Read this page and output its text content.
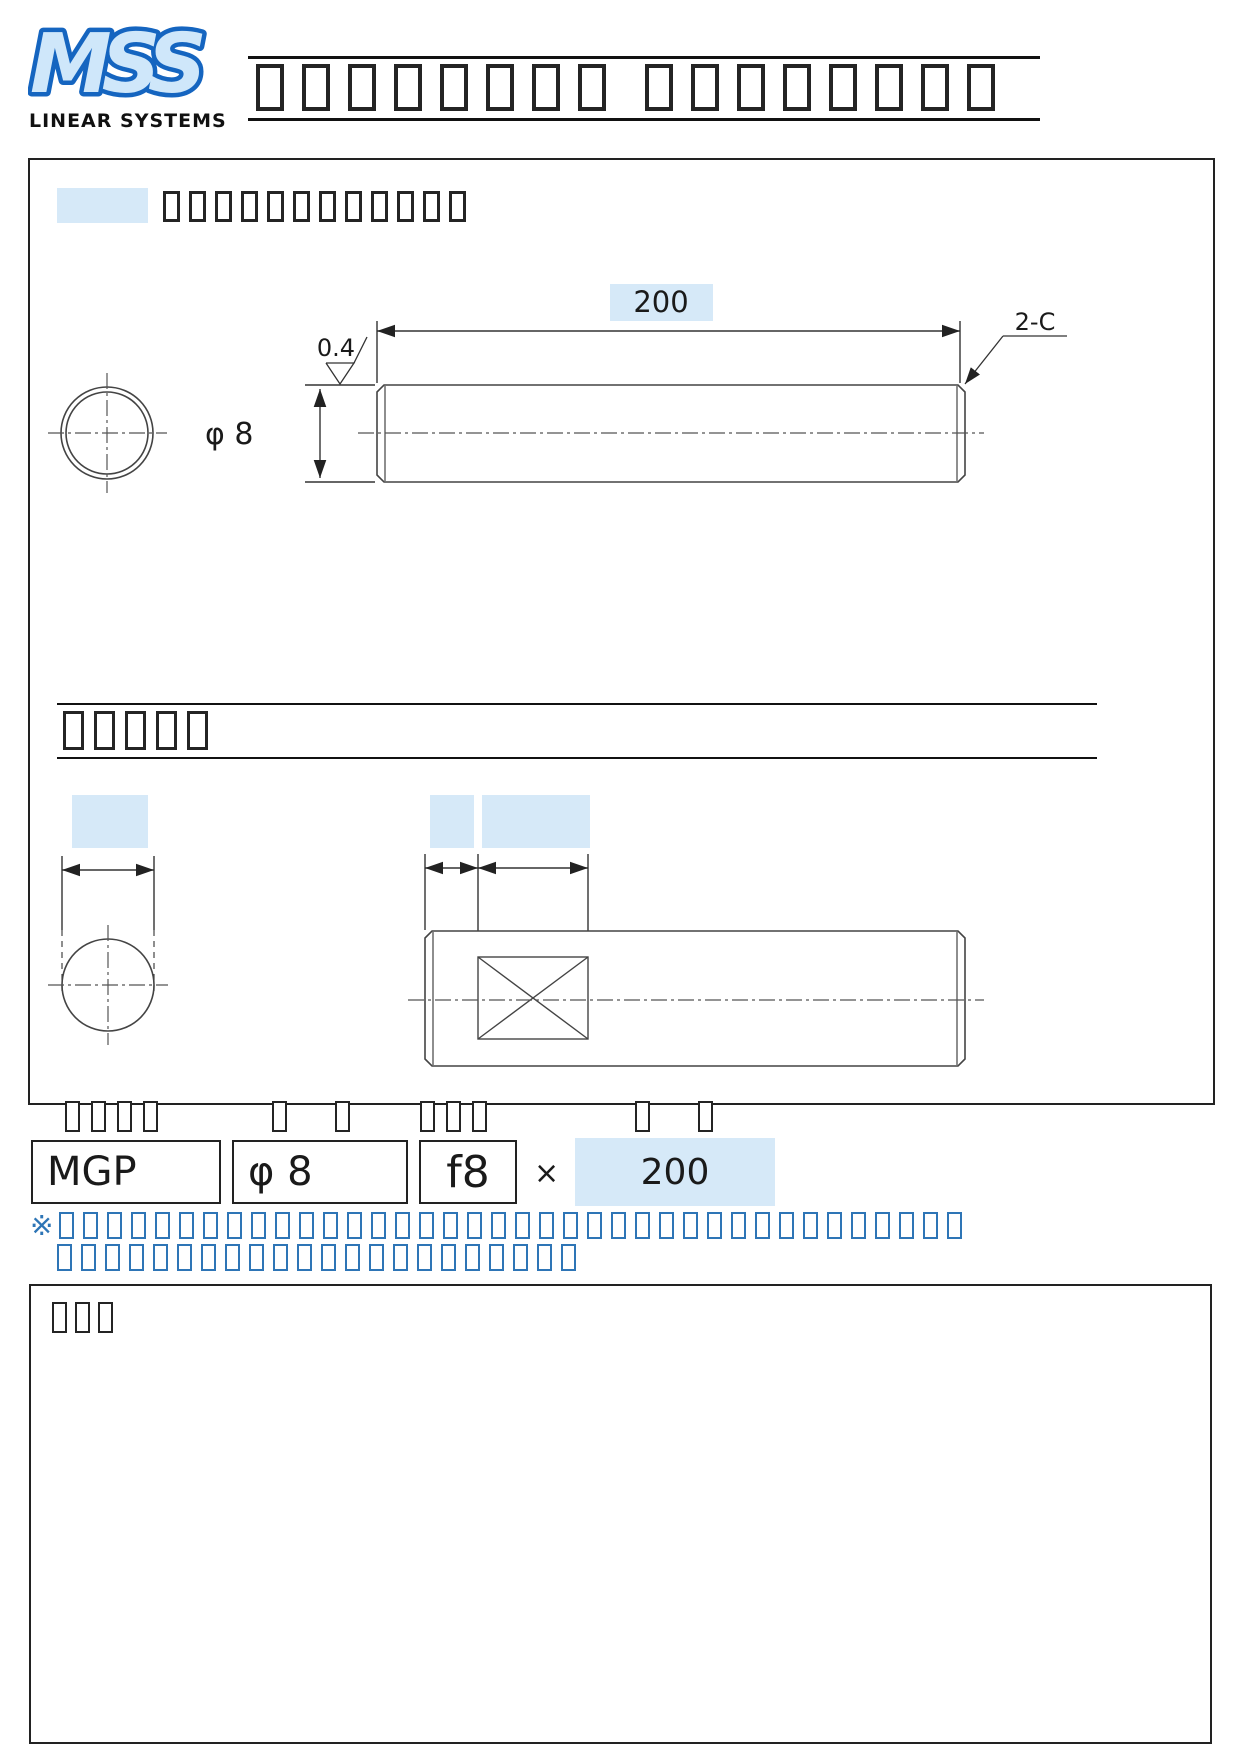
MSS
LINEAR SYSTEMS
φ 8
200
2-C
0.4
MGP	φ 8	f8 × 200
※
